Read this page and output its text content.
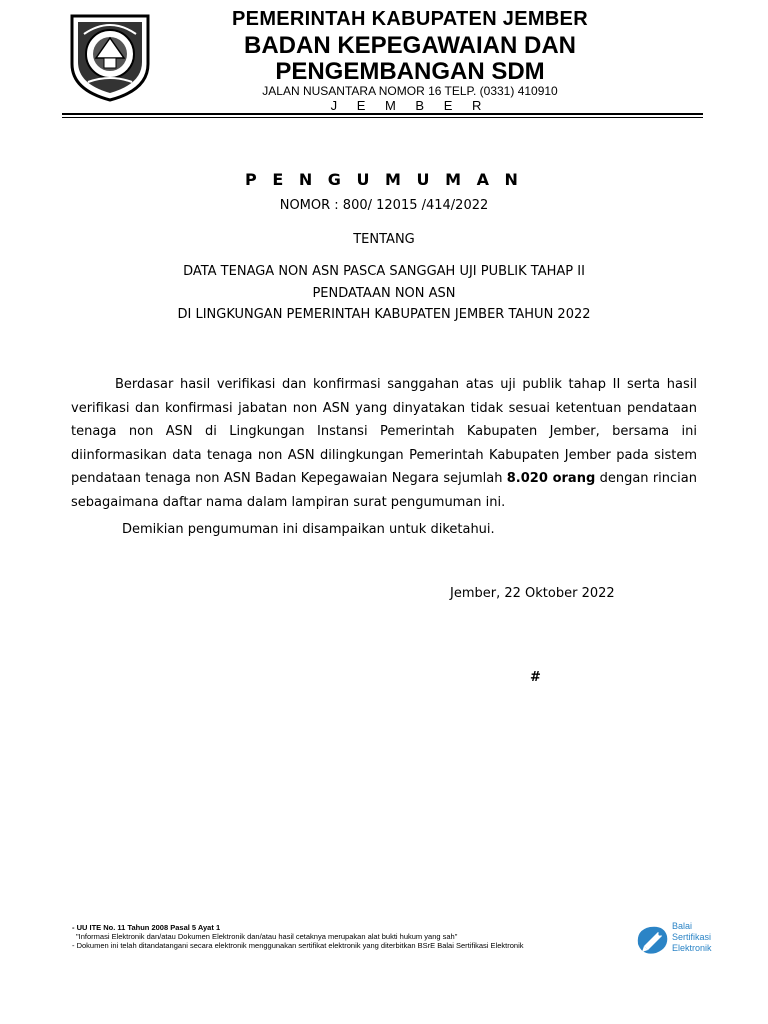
PEMERINTAH KABUPATEN JEMBER
BADAN KEPEGAWAIAN DAN
PENGEMBANGAN SDM
JALAN NUSANTARA NOMOR 16 TELP. (0331) 410910
J E M B E R
P E N G U M U M A N
NOMOR : 800/ 12015 /414/2022
TENTANG
DATA TENAGA NON ASN PASCA SANGGAH UJI PUBLIK TAHAP II
PENDATAAN NON ASN
DI LINGKUNGAN PEMERINTAH KABUPATEN JEMBER TAHUN 2022
Berdasar hasil verifikasi dan konfirmasi sanggahan atas uji publik tahap II serta hasil verifikasi dan konfirmasi jabatan non ASN yang dinyatakan tidak sesuai ketentuan pendataan tenaga non ASN di Lingkungan Instansi Pemerintah Kabupaten Jember, bersama ini diinformasikan data tenaga non ASN dilingkungan Pemerintah Kabupaten Jember pada sistem pendataan tenaga non ASN Badan Kepegawaian Negara sejumlah 8.020 orang dengan rincian sebagaimana daftar nama dalam lampiran surat pengumuman ini.
Demikian pengumuman ini disampaikan untuk diketahui.
Jember, 22 Oktober 2022
#
- UU ITE No. 11 Tahun 2008 Pasal 5 Ayat 1
"Informasi Elektronik dan/atau Dokumen Elektronik dan/atau hasil cetaknya merupakan alat bukti hukum yang sah"
- Dokumen ini telah ditandatangani secara elektronik menggunakan sertifikat elektronik yang diterbitkan BSrE Balai Sertifikasi Elektronik
Balai
Sertifikasi
Elektronik
